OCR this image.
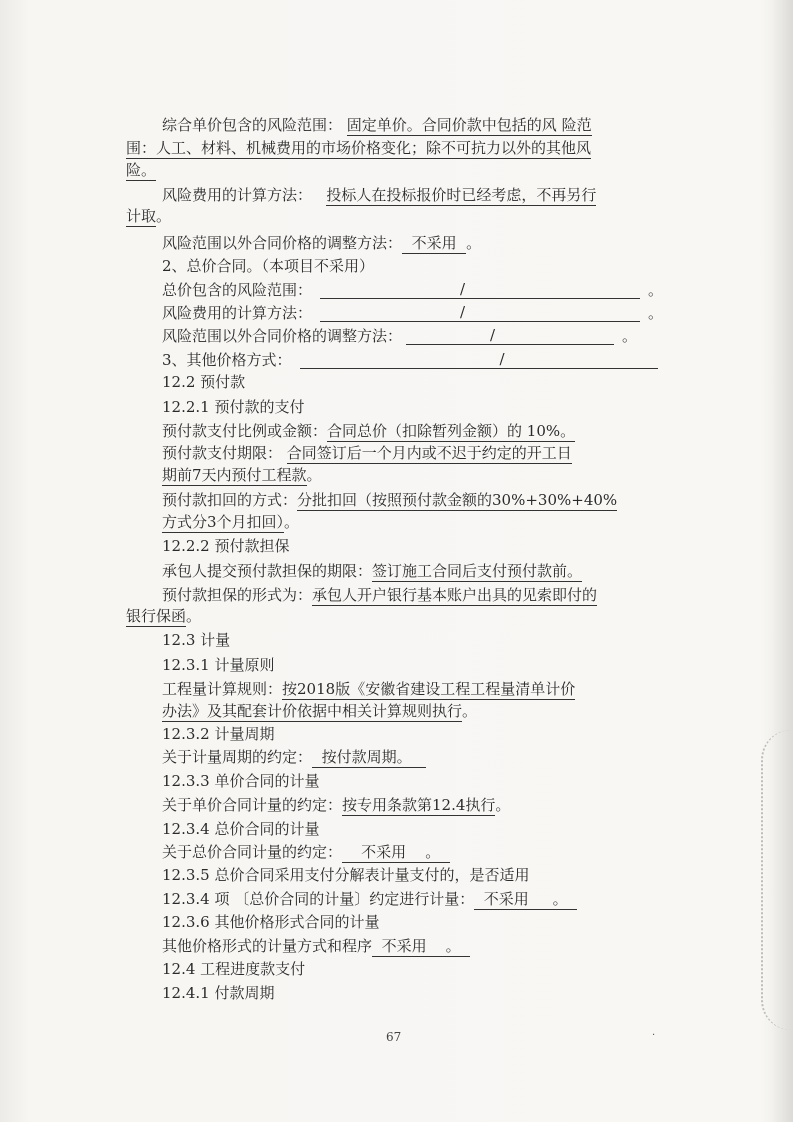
综合单价包含的风险范围： 固定单价。合同价款中包括的风 险范
围：人工、材料、机械费用的市场价格变化；除不可抗力以外的其他风
险。
风险费用的计算方法： 投标人在投标报价时已经考虑，不再另行
计取。
风险范围以外合同价格的调整方法： 不采用 。
2、总价合同。（本项目不采用）
总价包含的风险范围：	/	。
风险费用的计算方法：	/	。
风险范围以外合同价格的调整方法：	/	。
3、其他价格方式：	/
12.2 预付款
12.2.1 预付款的支付
预付款支付比例或金额：合同总价（扣除暂列金额）的 10%。
预付款支付期限： 合同签订后一个月内或不迟于约定的开工日
期前7天内预付工程款。
预付款扣回的方式：分批扣回（按照预付款金额的30%+30%+40%
方式分3个月扣回）。
12.2.2 预付款担保
承包人提交预付款担保的期限：签订施工合同后支付预付款前。
预付款担保的形式为：承包人开户银行基本账户出具的见索即付的
银行保函。
12.3 计量
12.3.1 计量原则
工程量计算规则：按2018版《安徽省建设工程工程量清单计价
办法》及其配套计价依据中相关计算规则执行。
12.3.2 计量周期
关于计量周期的约定： 按付款周期。
12.3.3 单价合同的计量
关于单价合同计量的约定：按专用条款第12.4执行。
12.3.4 总价合同的计量
关于总价合同计量的约定： 不采用 。
12.3.5 总价合同采用支付分解表计量支付的，是否适用
12.3.4 项 〔总价合同的计量〕约定进行计量： 不采用 。
12.3.6 其他价格形式合同的计量
其他价格形式的计量方式和程序 不采用 。
12.4 工程进度款支付
12.4.1 付款周期
67	·
